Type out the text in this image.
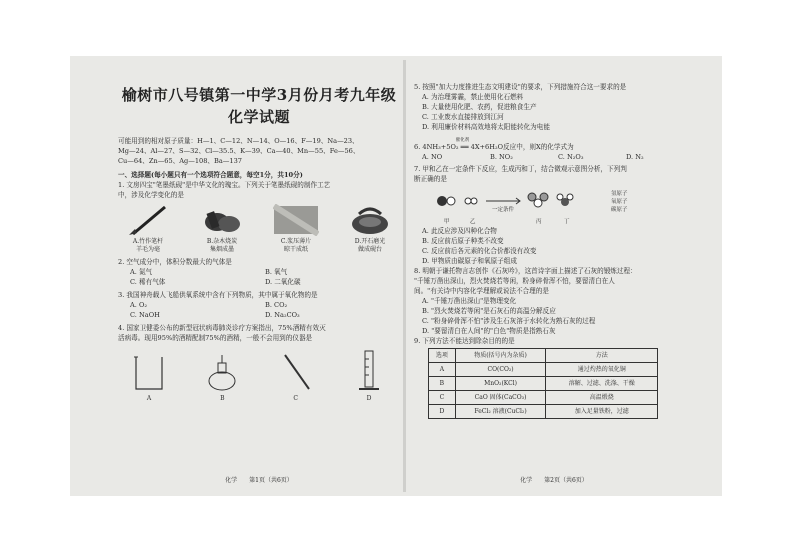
榆树市八号镇第一中学3月份月考九年级
化学试题

可能用到的相对原子质量：H—1、C—12、N—14、O—16、F—19、Na—23、

Mg—24、Al—27、S—32、Cl—35.5、K—39、Ca—40、Mn—55、Fe—56、

Cu—64、Zn—65、Ag—108、Ba—137

一、选择题(每小题只有一个选项符合题意，每空1分，共10分)

1. 文房四宝"笔墨纸砚"是中华文化的瑰宝。下列关于笔墨纸砚的制作工艺

中，涉及化学变化的是

A.竹作笔杆
羊毛为毫
B.杂木烧炭
集烟成墨
C.浆压薄片
晾干成纸
D.开石磨光
做成砚台

2. 空气成分中，体积分数最大的气体是

A. 氮气	B. 氧气
C. 稀有气体	D. 二氧化碳

3. 我国神舟载人飞船供氧系统中含有下列物质，其中属于氧化物的是

A. O₂	B. CO₂
C. NaOH	D. Na₂CO₃

4. 国家卫健委公布的新型冠状病毒肺炎诊疗方案指出，75%酒精有效灭

活病毒。现用95%的酒精配制75%的酒精，一般不会用到的仪器是

A	B	C	D
化学　　第1页（共6页）

5. 按照"加大力度推进生态文明建设"的要求，下列措施符合这一要求的是

A. 为治理雾霾，禁止使用化石燃料

B. 大量使用化肥、农药，促进粮食生产

C. 工业废水直接排放到江河

D. 利用廉价材料高效地将太阳能转化为电能

6. 4NH₃+5O₂ ══ 4X+6H₂O反应中，则X的化学式为 $^{催化剂}$

A. NO	B. NO₂	C. N₂O₃	D. N₂

7. 甲和乙在一定条件下反应，生成丙和丁，结合微观示意图分析，下列判

断正确的是

氢原子
氧原子
碳原子
甲	乙
一定条件
丙	丁

A. 此反应涉及四种化合物

B. 反应前后原子种类不改变

C. 反应前后各元素的化合价都没有改变

D. 甲物质由碳原子和氧原子组成

8. 明朝于谦托物言志创作《石灰吟》，这首诗字面上描述了石灰的锻炼过程：

"千锤万凿出深山，烈火焚烧若等闲，粉身碎骨浑不怕，要留清白在人

间。"有关诗中内容化学理解或说法不合理的是

A. "千锤万凿出深山"是物理变化

B. "烈火焚烧若等闲"是石灰石的高温分解反应

C. "粉身碎骨浑不怕"涉及生石灰溶于水转化为熟石灰的过程

D. "要留清白在人间"的"白色"物质是指熟石灰

9. 下列方法不能达到除杂目的的是

选项	物质(括号内为杂质)	方法
A	CO(CO₂)	通过灼热的氧化铜
B	MnO₂(KCl)	溶解、过滤、洗涤、干燥
C	CaO 固体(CaCO₃)	高温煅烧
D	FeCl₂ 溶液(CuCl₂)	加入足量铁粉，过滤
化学　　第2页（共6页）
